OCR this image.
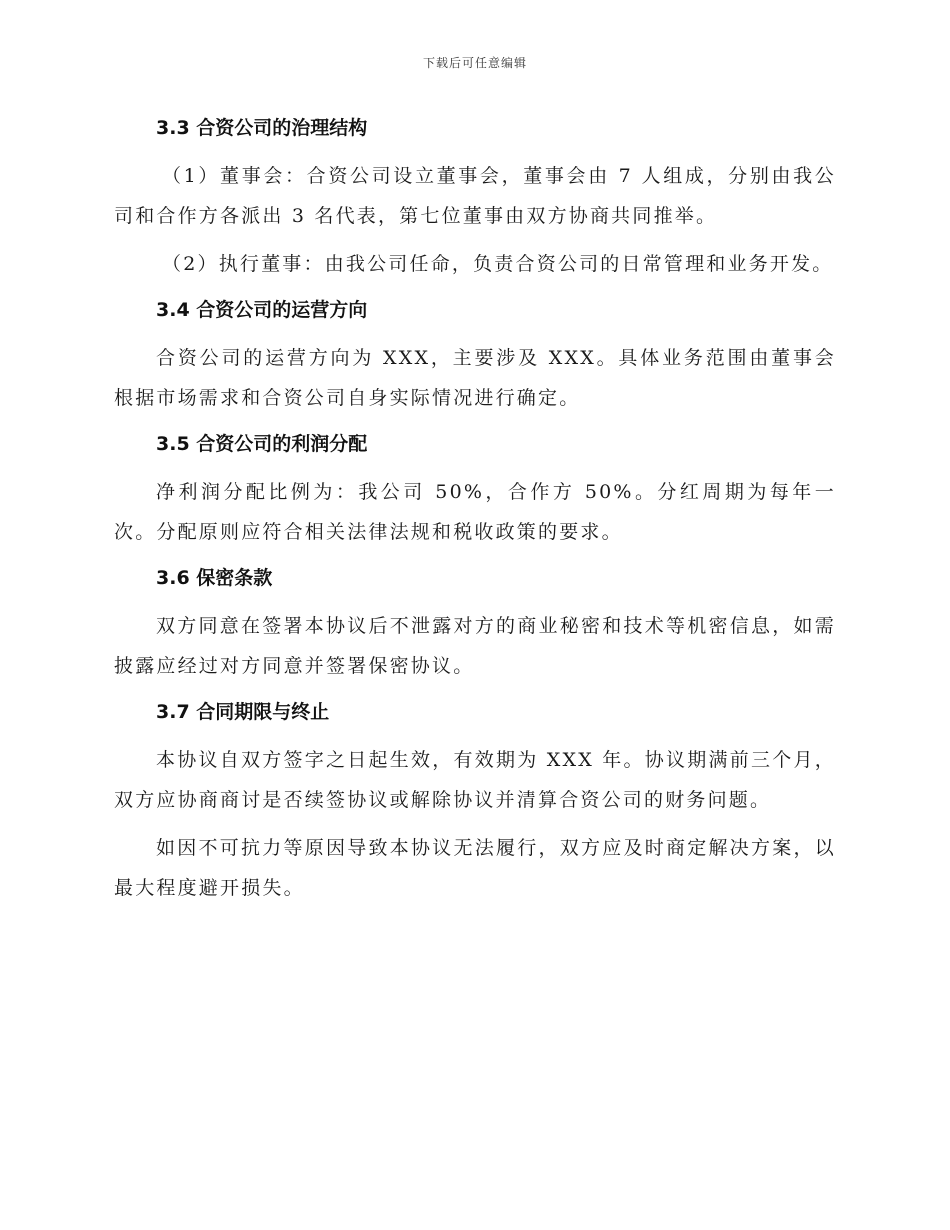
下载后可任意编辑
3.3 合资公司的治理结构

（1）董事会：合资公司设立董事会，董事会由 7 人组成，分别由我公司和合作方各派出 3 名代表，第七位董事由双方协商共同推举。

（2）执行董事：由我公司任命，负责合资公司的日常管理和业务开发。

3.4 合资公司的运营方向

合资公司的运营方向为 XXX，主要涉及 XXX。具体业务范围由董事会根据市场需求和合资公司自身实际情况进行确定。

3.5 合资公司的利润分配

净利润分配比例为：我公司 50%，合作方 50%。分红周期为每年一次。分配原则应符合相关法律法规和税收政策的要求。

3.6 保密条款

双方同意在签署本协议后不泄露对方的商业秘密和技术等机密信息，如需披露应经过对方同意并签署保密协议。

3.7 合同期限与终止

本协议自双方签字之日起生效，有效期为 XXX 年。协议期满前三个月，双方应协商商讨是否续签协议或解除协议并清算合资公司的财务问题。

如因不可抗力等原因导致本协议无法履行，双方应及时商定解决方案，以最大程度避开损失。
